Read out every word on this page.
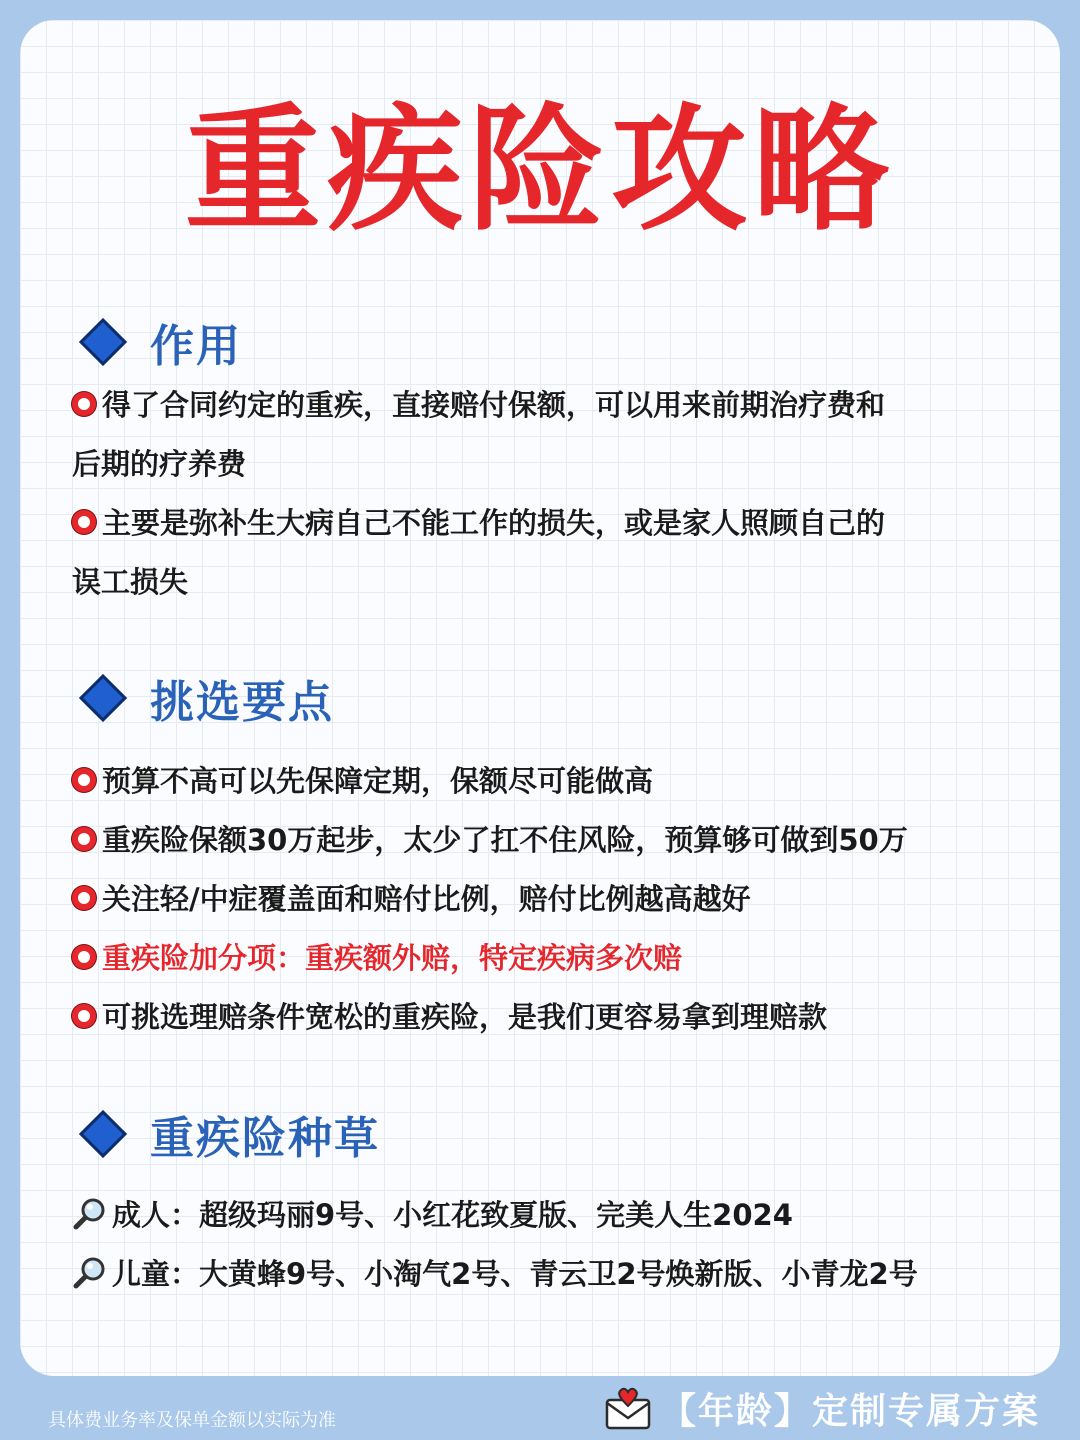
重疾险攻略
作用
得了合同约定的重疾，直接赔付保额，可以用来前期治疗费和
后期的疗养费
主要是弥补生大病自己不能工作的损失，或是家人照顾自己的
误工损失
挑选要点
预算不高可以先保障定期，保额尽可能做高
重疾险保额30万起步，太少了扛不住风险，预算够可做到50万
关注轻/中症覆盖面和赔付比例，赔付比例越高越好
重疾险加分项：重疾额外赔，特定疾病多次赔
可挑选理赔条件宽松的重疾险，是我们更容易拿到理赔款
重疾险种草
成人：超级玛丽9号、小红花致夏版、完美人生2024
儿童：大黄蜂9号、小淘气2号、青云卫2号焕新版、小青龙2号
具体费业务率及保单金额以实际为准	【年龄】定制专属方案
